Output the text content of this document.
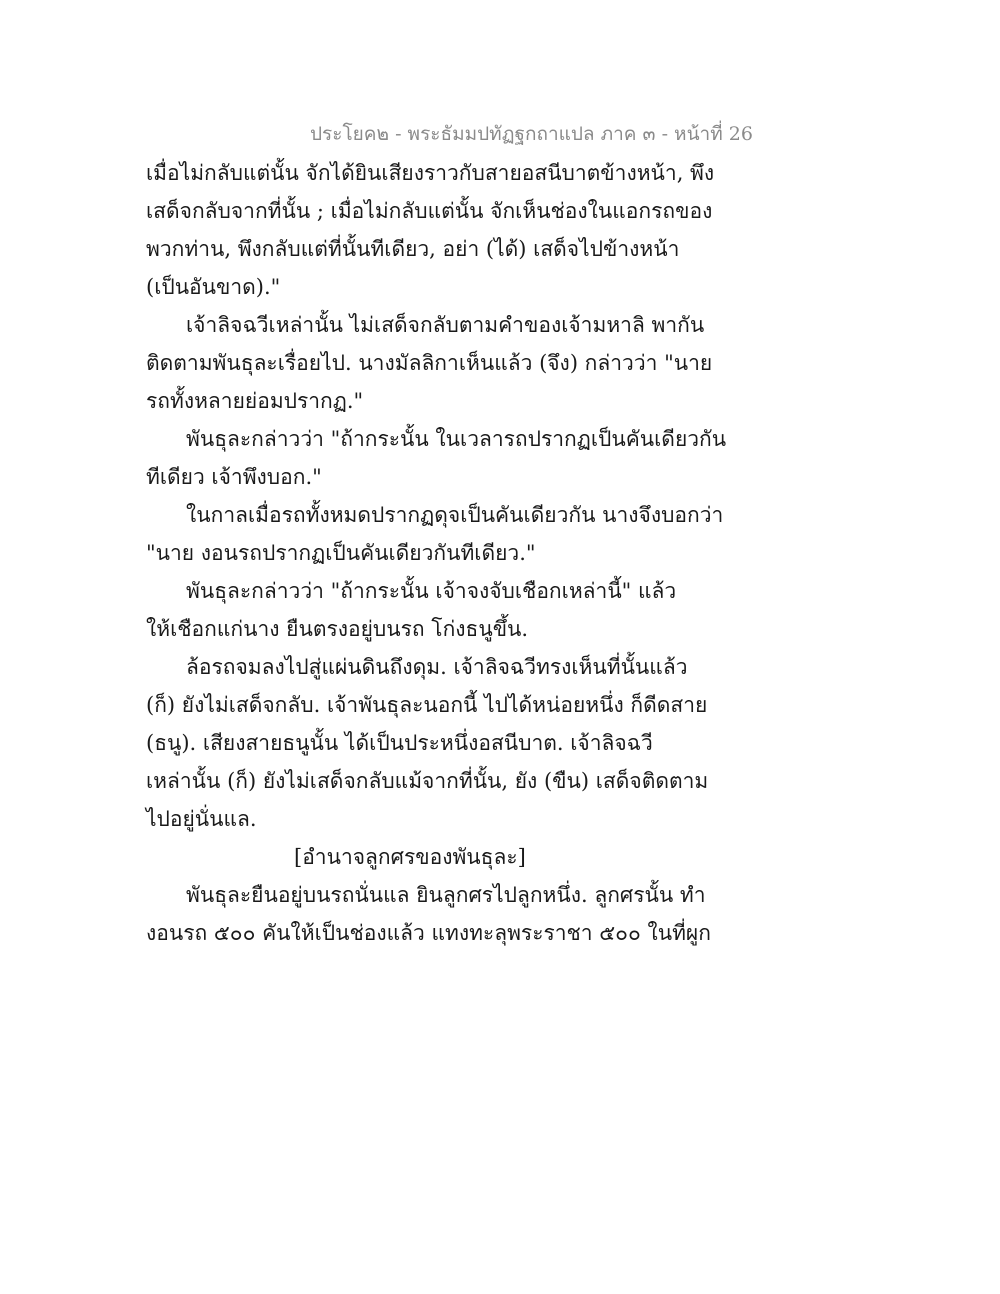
ประโยค๒ - พระธัมมปทัฏฐกถาแปล ภาค ๓ - หน้าที่ 26
เมื่อไม่กลับแต่นั้น จักได้ยินเสียงราวกับสายอสนีบาตข้างหน้า, พึง
เสด็จกลับจากที่นั้น ; เมื่อไม่กลับแต่นั้น จักเห็นช่องในแอกรถของ
พวกท่าน, พึงกลับแต่ที่นั้นทีเดียว, อย่า (ได้) เสด็จไปข้างหน้า
(เป็นอันขาด)."
เจ้าลิจฉวีเหล่านั้น ไม่เสด็จกลับตามคำของเจ้ามหาลิ พากัน
ติดตามพันธุละเรื่อยไป. นางมัลลิกาเห็นแล้ว (จึง) กล่าวว่า "นาย
รถทั้งหลายย่อมปรากฏ."
พันธุละกล่าวว่า "ถ้ากระนั้น ในเวลารถปรากฏเป็นคันเดียวกัน
ทีเดียว เจ้าพึงบอก."
ในกาลเมื่อรถทั้งหมดปรากฏดุจเป็นคันเดียวกัน นางจึงบอกว่า
"นาย งอนรถปรากฏเป็นคันเดียวกันทีเดียว."
พันธุละกล่าวว่า "ถ้ากระนั้น เจ้าจงจับเชือกเหล่านี้" แล้ว
ให้เชือกแก่นาง ยืนตรงอยู่บนรถ โก่งธนูขึ้น.
ล้อรถจมลงไปสู่แผ่นดินถึงดุม. เจ้าลิจฉวีทรงเห็นที่นั้นแล้ว
(ก็) ยังไม่เสด็จกลับ. เจ้าพันธุละนอกนี้ ไปได้หน่อยหนึ่ง ก็ดีดสาย
(ธนู). เสียงสายธนูนั้น ได้เป็นประหนึ่งอสนีบาต. เจ้าลิจฉวี
เหล่านั้น (ก็) ยังไม่เสด็จกลับแม้จากที่นั้น, ยัง (ขืน) เสด็จติดตาม
ไปอยู่นั่นแล.
[อำนาจลูกศรของพันธุละ]
พันธุละยืนอยู่บนรถนั่นแล ยินลูกศรไปลูกหนึ่ง. ลูกศรนั้น ทำ
งอนรถ ๕๐๐ คันให้เป็นช่องแล้ว แทงทะลุพระราชา ๕๐๐ ในที่ผูก
